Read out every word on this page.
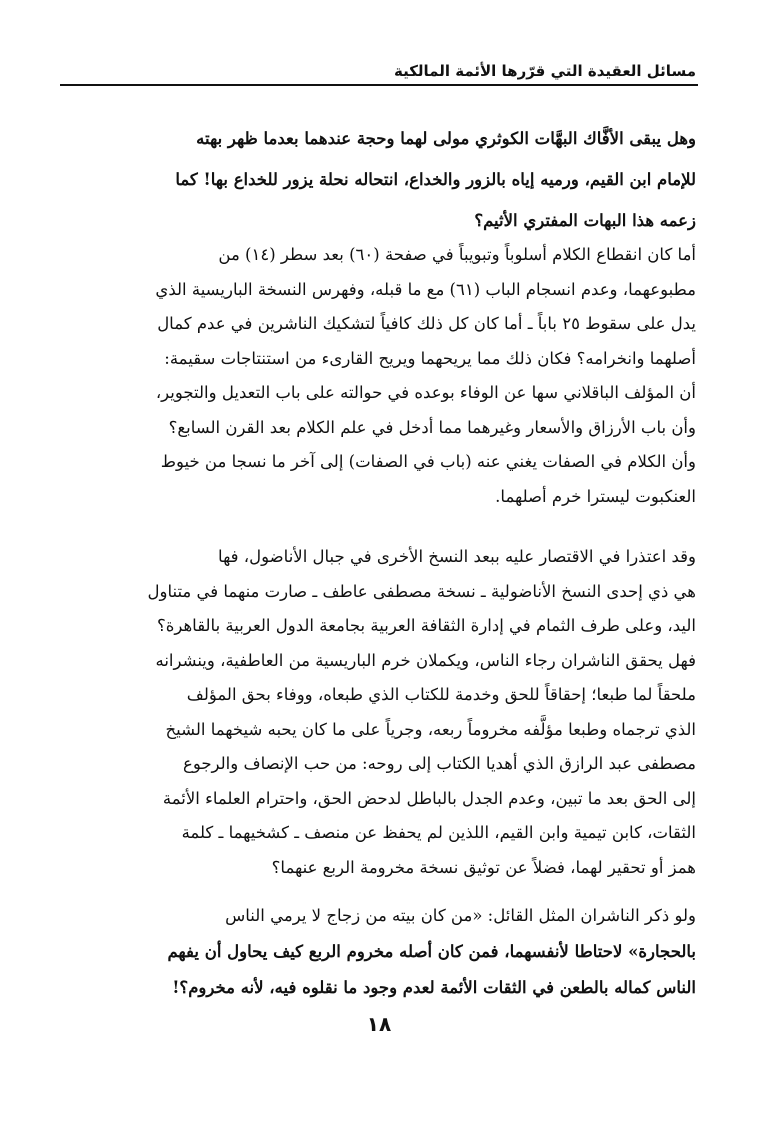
مسائل العقيدة التي قرّرها الأئمة المالكية
وهل يبقى الأفَّاك البهَّات الكوثري مولى لهما وحجة عندهما بعدما ظهر بهته
للإمام ابن القيم، ورميه إياه بالزور والخداع، انتحاله نحلة يزور للخداع بها! كما
زعمه هذا البهات المفتري الأثيم؟
أما كان انقطاع الكلام أسلوباً وتبويباً في صفحة (٦٠) بعد سطر (١٤) من
مطبوعهما، وعدم انسجام الباب (٦١) مع ما قبله، وفهرس النسخة الباريسية الذي
يدل على سقوط ٢٥ باباً ـ أما كان كل ذلك كافياً لتشكيك الناشرين في عدم كمال
أصلهما وانخرامه؟ فكان ذلك مما يريحهما ويريح القارىء من استنتاجات سقيمة:
أن المؤلف الباقلاني سها عن الوفاء بوعده في حوالته على باب التعديل والتجوير،
وأن باب الأرزاق والأسعار وغيرهما مما أدخل في علم الكلام بعد القرن السابع؟
وأن الكلام في الصفات يغني عنه (باب في الصفات) إلى آخر ما نسجا من خيوط
العنكبوت ليسترا خرم أصلهما.
وقد اعتذرا في الاقتصار عليه ببعد النسخ الأخرى في جبال الأناضول، فها
هي ذي إحدى النسخ الأناضولية ـ نسخة مصطفى عاطف ـ صارت منهما في متناول
اليد، وعلى طرف الثمام في إدارة الثقافة العربية بجامعة الدول العربية بالقاهرة؟
فهل يحقق الناشران رجاء الناس، ويكملان خرم الباريسية من العاطفية، وينشرانه
ملحقاً لما طبعا؛ إحقاقاً للحق وخدمة للكتاب الذي طبعاه، ووفاء بحق المؤلف
الذي ترجماه وطبعا مؤلَّفه مخروماً ربعه، وجرياً على ما كان يحبه شيخهما الشيخ
مصطفى عبد الرازق الذي أهديا الكتاب إلى روحه: من حب الإنصاف والرجوع
إلى الحق بعد ما تبين، وعدم الجدل بالباطل لدحض الحق، واحترام العلماء الأئمة
الثقات، كابن تيمية وابن القيم، اللذين لم يحفظ عن منصف ـ كشخيهما ـ كلمة
همز أو تحقير لهما، فضلاً عن توثيق نسخة مخرومة الربع عنهما؟
ولو ذكر الناشران المثل القائل: «من كان بيته من زجاج لا يرمي الناس
بالحجارة» لاحتاطا لأنفسهما، فمن كان أصله مخروم الربع كيف يحاول أن يفهم
الناس كماله بالطعن في الثقات الأئمة لعدم وجود ما نقلوه فيه، لأنه مخروم؟!
١٨
